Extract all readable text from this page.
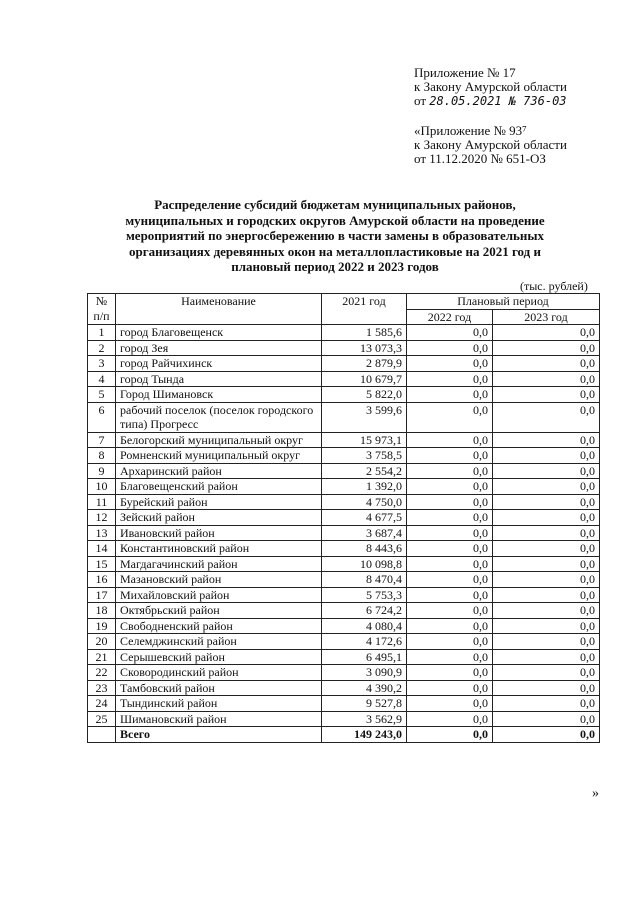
Приложение № 17
к Закону Амурской области
от 28.05.2021 № 736-03
«Приложение № 93⁷
к Закону Амурской области
от 11.12.2020 № 651-ОЗ
Распределение субсидий бюджетам муниципальных районов,
муниципальных и городских округов Амурской области на проведение
мероприятий по энергосбережению в части замены в образовательных
организациях деревянных окон на металлопластиковые на 2021 год и
плановый период 2022 и 2023 годов
(тыс. рублей)
№ п/п	Наименование	2021 год	Плановый период	
			2022 год	2023 год
1	город Благовещенск	1 585,6	0,0	0,0
2	город Зея	13 073,3	0,0	0,0
3	город Райчихинск	2 879,9	0,0	0,0
4	город Тында	10 679,7	0,0	0,0
5	Город Шимановск	5 822,0	0,0	0,0
6	рабочий поселок (поселок городского типа) Прогресс	3 599,6	0,0	0,0
7	Белогорский муниципальный округ	15 973,1	0,0	0,0
8	Ромненский муниципальный округ	3 758,5	0,0	0,0
9	Архаринский район	2 554,2	0,0	0,0
10	Благовещенский район	1 392,0	0,0	0,0
11	Бурейский район	4 750,0	0,0	0,0
12	Зейский район	4 677,5	0,0	0,0
13	Ивановский район	3 687,4	0,0	0,0
14	Константиновский район	8 443,6	0,0	0,0
15	Магдагачинский район	10 098,8	0,0	0,0
16	Мазановский район	8 470,4	0,0	0,0
17	Михайловский район	5 753,3	0,0	0,0
18	Октябрьский район	6 724,2	0,0	0,0
19	Свободненский район	4 080,4	0,0	0,0
20	Селемджинский район	4 172,6	0,0	0,0
21	Серышевский район	6 495,1	0,0	0,0
22	Сковородинский район	3 090,9	0,0	0,0
23	Тамбовский район	4 390,2	0,0	0,0
24	Тындинский район	9 527,8	0,0	0,0
25	Шимановский район	3 562,9	0,0	0,0
	Всего	149 243,0	0,0	0,0
»
